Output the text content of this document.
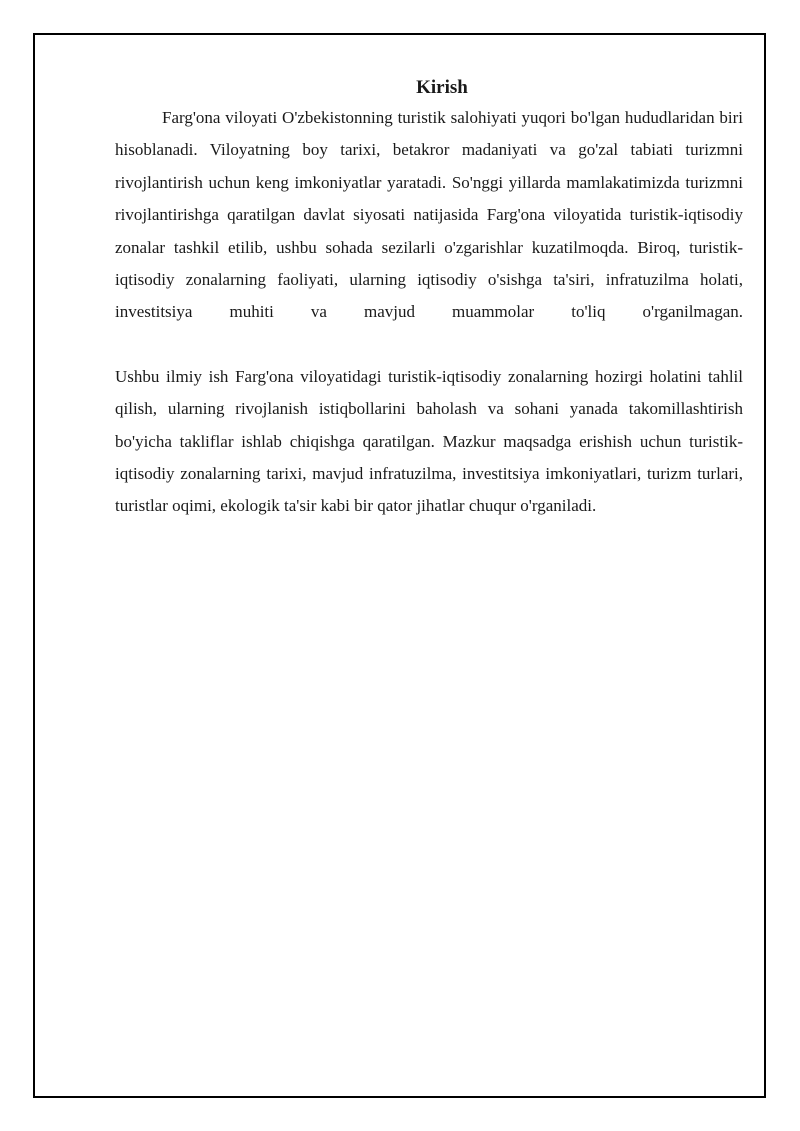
Kirish

Farg'ona viloyati O'zbekistonning turistik salohiyati yuqori bo'lgan hududlaridan biri hisoblanadi. Viloyatning boy tarixi, betakror madaniyati va go'zal tabiati turizmni rivojlantirish uchun keng imkoniyatlar yaratadi. So'nggi yillarda mamlakatimizda turizmni rivojlantirishga qaratilgan davlat siyosati natijasida Farg'ona viloyatida turistik-iqtisodiy zonalar tashkil etilib, ushbu sohada sezilarli o'zgarishlar kuzatilmoqda. Biroq, turistik-iqtisodiy zonalarning faoliyati, ularning iqtisodiy o'sishga ta'siri, infratuzilma holati, investitsiya muhiti va mavjud muammolar to'liq o'rganilmagan.

Ushbu ilmiy ish Farg'ona viloyatidagi turistik-iqtisodiy zonalarning hozirgi holatini tahlil qilish, ularning rivojlanish istiqbollarini baholash va sohani yanada takomillashtirish bo'yicha takliflar ishlab chiqishga qaratilgan. Mazkur maqsadga erishish uchun turistik-iqtisodiy zonalarning tarixi, mavjud infratuzilma, investitsiya imkoniyatlari, turizm turlari, turistlar oqimi, ekologik ta'sir kabi bir qator jihatlar chuqur o'rganiladi.
